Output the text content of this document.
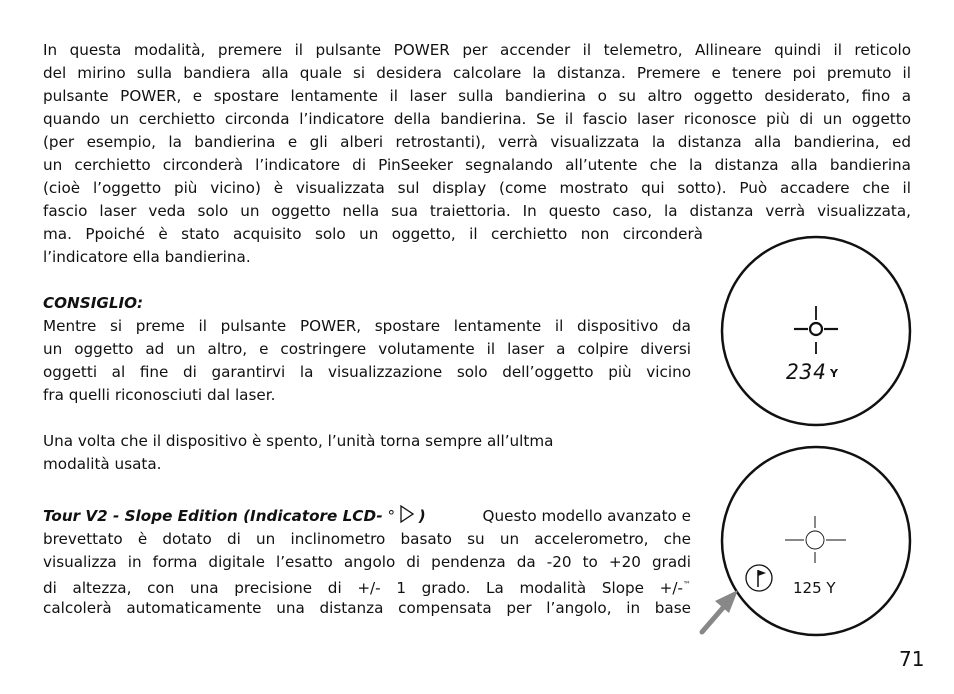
In questa modalità, premere il pulsante POWER per accender il telemetro, Allineare quindi il reticolo
del mirino sulla bandiera alla quale si desidera calcolare la distanza. Premere e tenere poi premuto il
pulsante POWER, e spostare lentamente il laser sulla bandierina o su altro oggetto desiderato, fino a
quando un cerchietto circonda l’indicatore della bandierina. Se il fascio laser riconosce più di un oggetto
(per esempio, la bandierina e gli alberi retrostanti), verrà visualizzata la distanza alla bandierina, ed
un cerchietto circonderà l’indicatore di PinSeeker segnalando all’utente che la distanza alla bandierina
(cioè l’oggetto più vicino) è visualizzata sul display (come mostrato qui sotto). Può accadere che il
fascio laser veda solo un oggetto nella sua traiettoria. In questo caso, la distanza verrà visualizzata,
ma. Ppoiché è stato acquisito solo un oggetto, il cerchietto non circonderà
l’indicatore ella bandierina.
CONSIGLIO:
Mentre si preme il pulsante POWER, spostare lentamente il dispositivo da
un oggetto ad un altro, e costringere volutamente il laser a colpire diversi
oggetti al fine di garantirvi la visualizzazione solo dell’oggetto più vicino
fra quelli riconosciuti dal laser.
Una volta che il dispositivo è spento, l’unità torna sempre all’ultma
modalità usata.
Tour V2 - Slope Edition (Indicatore LCD- ° )	Questo modello avanzato e
brevettato è dotato di un inclinometro basato su un accelerometro, che
visualizza in forma digitale l’esatto angolo di pendenza da -20 to +20 gradi
di altezza, con una precisione di +/- 1 grado. La modalità Slope +/-™
calcolerà automaticamente una distanza compensata per l’angolo, in base
234 Y
125 Y
71
